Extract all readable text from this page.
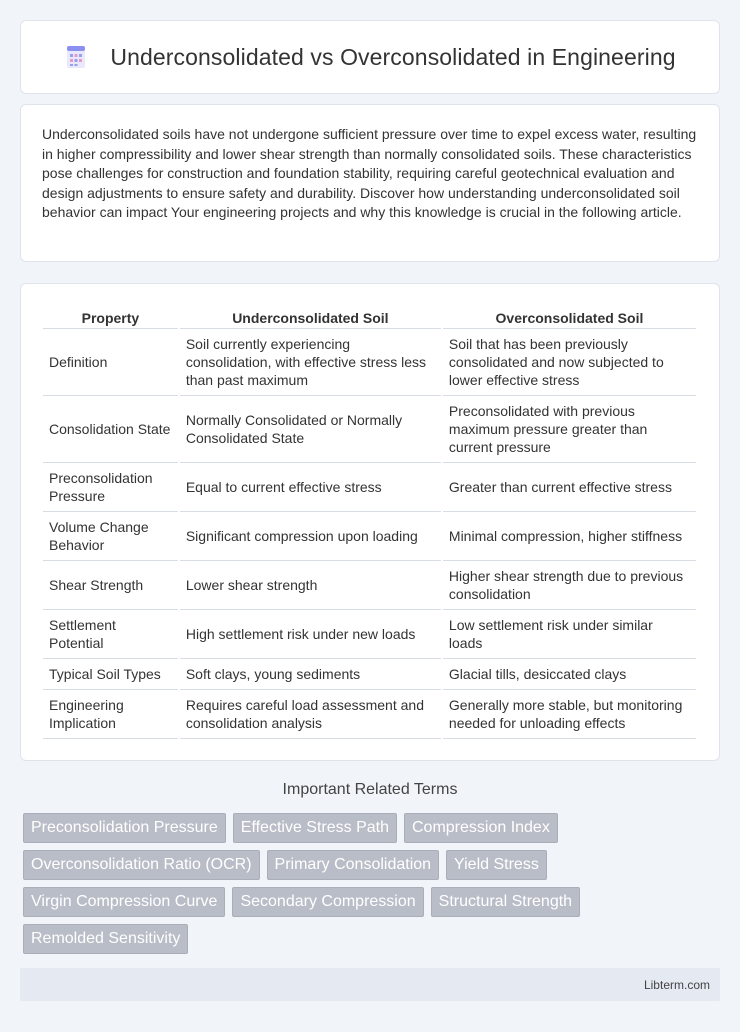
Underconsolidated vs Overconsolidated in Engineering

Underconsolidated soils have not undergone sufficient pressure over time to expel excess water, resulting in higher compressibility and lower shear strength than normally consolidated soils. These characteristics pose challenges for construction and foundation stability, requiring careful geotechnical evaluation and design adjustments to ensure safety and durability. Discover how understanding underconsolidated soil behavior can impact Your engineering projects and why this knowledge is crucial in the following article.

Property	Underconsolidated Soil	Overconsolidated Soil
Definition	Soil currently experiencing consolidation, with effective stress less than past maximum	Soil that has been previously consolidated and now subjected to lower effective stress
Consolidation State	Normally Consolidated or Normally Consolidated State	Preconsolidated with previous maximum pressure greater than current pressure
Preconsolidation Pressure	Equal to current effective stress	Greater than current effective stress
Volume Change Behavior	Significant compression upon loading	Minimal compression, higher stiffness
Shear Strength	Lower shear strength	Higher shear strength due to previous consolidation
Settlement Potential	High settlement risk under new loads	Low settlement risk under similar loads
Typical Soil Types	Soft clays, young sediments	Glacial tills, desiccated clays
Engineering Implication	Requires careful load assessment and consolidation analysis	Generally more stable, but monitoring needed for unloading effects
Important Related Terms
Preconsolidation Pressure	Effective Stress Path	Compression Index
Overconsolidation Ratio (OCR)	Primary Consolidation	Yield Stress
Virgin Compression Curve	Secondary Compression	Structural Strength
Remolded Sensitivity
Libterm.com
